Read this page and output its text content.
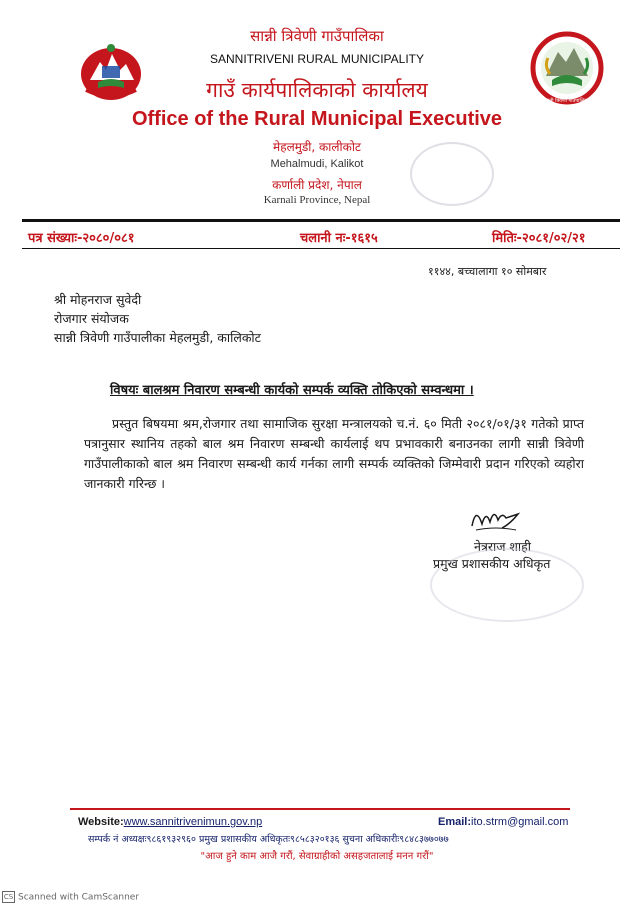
सान्नी त्रिवेणी गाउँपालिका
सान्नी त्रिवेणी गाउँपालिका
SANNITRIVENI RURAL MUNICIPALITY
गाउँ कार्यपालिकाको कार्यालय
Office of the Rural Municipal Executive
मेहलमुडी, कालीकोट
Mehalmudi, Kalikot
कर्णाली प्रदेश, नेपाल
Karnali Province, Nepal
पत्र संख्याः-२०८०/०८१	चलानी नः-१६१५	मितिः-२०८१/०२/२१
११४४, बच्चालागा १० सोमबार
श्री मोहनराज सुवेदी
रोजगार संयोजक
सान्नी त्रिवेणी गाउँपालीका मेहलमुडी, कालिकोट
विषयः बालश्रम निवारण सम्बन्धी कार्यको सम्पर्क व्यक्ति तोकिएको सम्वन्धमा ।
प्रस्तुत बिषयमा श्रम,रोजगार तथा सामाजिक सुरक्षा मन्त्रालयको च.नं. ६० मिती २०८१/०१/३१ गतेको प्राप्त पत्रानुसार स्थानिय तहको बाल श्रम निवारण सम्बन्धी कार्यलाई थप प्रभावकारी बनाउनका लागी सान्नी त्रिवेणी गाउँपालीकाको बाल श्रम निवारण सम्बन्धी कार्य गर्नका लागी सम्पर्क व्यक्तिको जिम्मेवारी प्रदान गरिएको व्यहोरा जानकारी गरिन्छ ।
नेत्रराज शाही
प्रमुख प्रशासकीय अधिकृत
Website:www.sannitrivenimun.gov.np	Email:ito.strm@gmail.com
सम्पर्क नं अध्यक्षः९८६१९३२९६० प्रमुख प्रशासकीय अधिकृतः९८५८३२०१३६ सुचना अधिकारीः९८४८३७७०७७
"आज हुने काम आजै गरौं, सेवाग्राहीको असहजतालाई मनन गरौं"
CS Scanned with CamScanner
